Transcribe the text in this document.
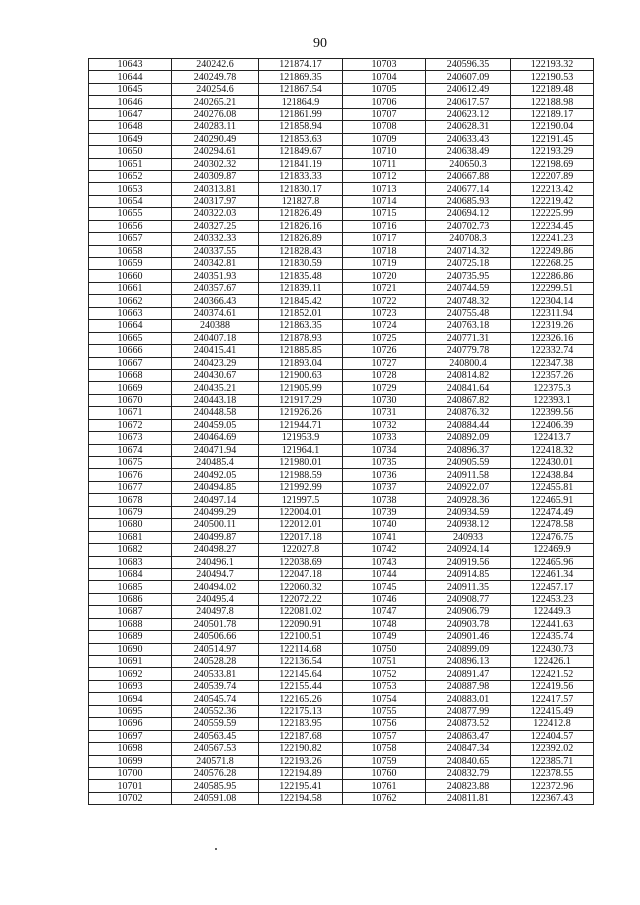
90
10643	240242.6	121874.17	10703	240596.35	122193.32
10644	240249.78	121869.35	10704	240607.09	122190.53
10645	240254.6	121867.54	10705	240612.49	122189.48
10646	240265.21	121864.9	10706	240617.57	122188.98
10647	240276.08	121861.99	10707	240623.12	122189.17
10648	240283.11	121858.94	10708	240628.31	122190.04
10649	240290.49	121853.63	10709	240633.43	122191.45
10650	240294.61	121849.67	10710	240638.49	122193.29
10651	240302.32	121841.19	10711	240650.3	122198.69
10652	240309.87	121833.33	10712	240667.88	122207.89
10653	240313.81	121830.17	10713	240677.14	122213.42
10654	240317.97	121827.8	10714	240685.93	122219.42
10655	240322.03	121826.49	10715	240694.12	122225.99
10656	240327.25	121826.16	10716	240702.73	122234.45
10657	240332.33	121826.89	10717	240708.3	122241.23
10658	240337.55	121828.43	10718	240714.32	122249.86
10659	240342.81	121830.59	10719	240725.18	122268.25
10660	240351.93	121835.48	10720	240735.95	122286.86
10661	240357.67	121839.11	10721	240744.59	122299.51
10662	240366.43	121845.42	10722	240748.32	122304.14
10663	240374.61	121852.01	10723	240755.48	122311.94
10664	240388	121863.35	10724	240763.18	122319.26
10665	240407.18	121878.93	10725	240771.31	122326.16
10666	240415.41	121885.85	10726	240779.78	122332.74
10667	240423.29	121893.04	10727	240800.4	122347.38
10668	240430.67	121900.63	10728	240814.82	122357.26
10669	240435.21	121905.99	10729	240841.64	122375.3
10670	240443.18	121917.29	10730	240867.82	122393.1
10671	240448.58	121926.26	10731	240876.32	122399.56
10672	240459.05	121944.71	10732	240884.44	122406.39
10673	240464.69	121953.9	10733	240892.09	122413.7
10674	240471.94	121964.1	10734	240896.37	122418.32
10675	240485.4	121980.01	10735	240905.59	122430.01
10676	240492.05	121988.59	10736	240911.58	122438.84
10677	240494.85	121992.99	10737	240922.07	122455.81
10678	240497.14	121997.5	10738	240928.36	122465.91
10679	240499.29	122004.01	10739	240934.59	122474.49
10680	240500.11	122012.01	10740	240938.12	122478.58
10681	240499.87	122017.18	10741	240933	122476.75
10682	240498.27	122027.8	10742	240924.14	122469.9
10683	240496.1	122038.69	10743	240919.56	122465.96
10684	240494.7	122047.18	10744	240914.85	122461.34
10685	240494.02	122060.32	10745	240911.35	122457.17
10686	240495.4	122072.22	10746	240908.77	122453.23
10687	240497.8	122081.02	10747	240906.79	122449.3
10688	240501.78	122090.91	10748	240903.78	122441.63
10689	240506.66	122100.51	10749	240901.46	122435.74
10690	240514.97	122114.68	10750	240899.09	122430.73
10691	240528.28	122136.54	10751	240896.13	122426.1
10692	240533.81	122145.64	10752	240891.47	122421.52
10693	240539.74	122155.44	10753	240887.98	122419.56
10694	240545.74	122165.26	10754	240883.01	122417.57
10695	240552.36	122175.13	10755	240877.99	122415.49
10696	240559.59	122183.95	10756	240873.52	122412.8
10697	240563.45	122187.68	10757	240863.47	122404.57
10698	240567.53	122190.82	10758	240847.34	122392.02
10699	240571.8	122193.26	10759	240840.65	122385.71
10700	240576.28	122194.89	10760	240832.79	122378.55
10701	240585.95	122195.41	10761	240823.88	122372.96
10702	240591.08	122194.58	10762	240811.81	122367.43
